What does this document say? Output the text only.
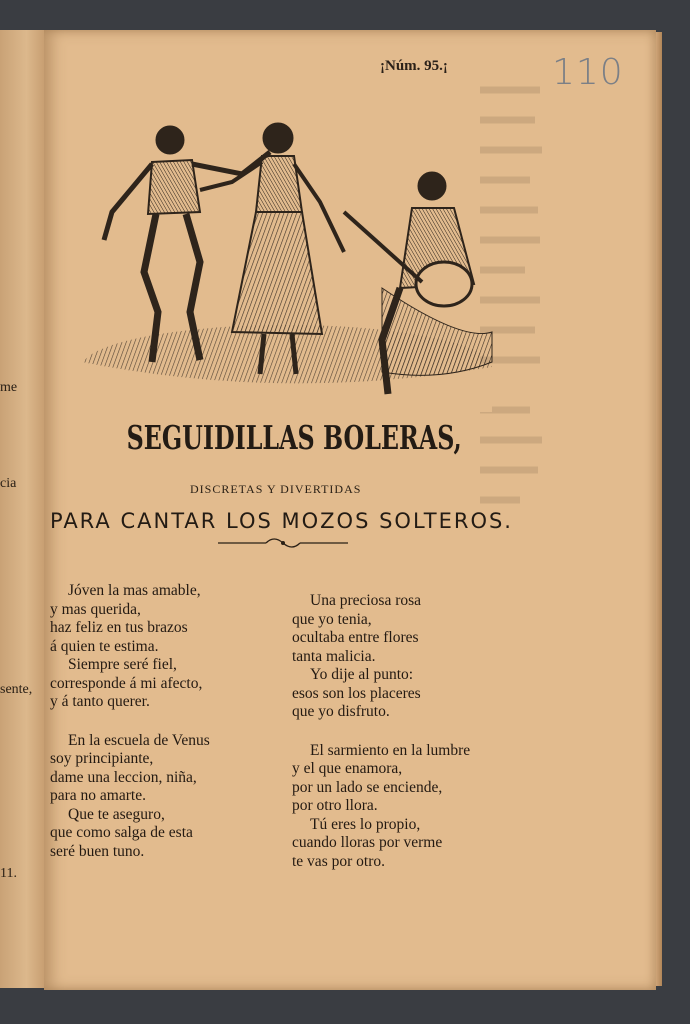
me
cia
sente,
11.
¡Núm. 95.¡	110
SEGUIDILLAS BOLERAS,
DISCRETAS Y DIVERTIDAS
PARA CANTAR LOS MOZOS SOLTEROS.
Jóven la mas amable,
y mas querida,
haz feliz en tus brazos
á quien te estima.
Siempre seré fiel,
corresponde á mi afecto,
y á tanto querer.
En la escuela de Venus
soy principiante,
dame una leccion, niña,
para no amarte.
Que te aseguro,
que como salga de esta
seré buen tuno.
Una preciosa rosa
que yo tenia,
ocultaba entre flores
tanta malicia.
Yo dije al punto:
esos son los placeres
que yo disfruto.
El sarmiento en la lumbre
y el que enamora,
por un lado se enciende,
por otro llora.
Tú eres lo propio,
cuando lloras por verme
te vas por otro.
